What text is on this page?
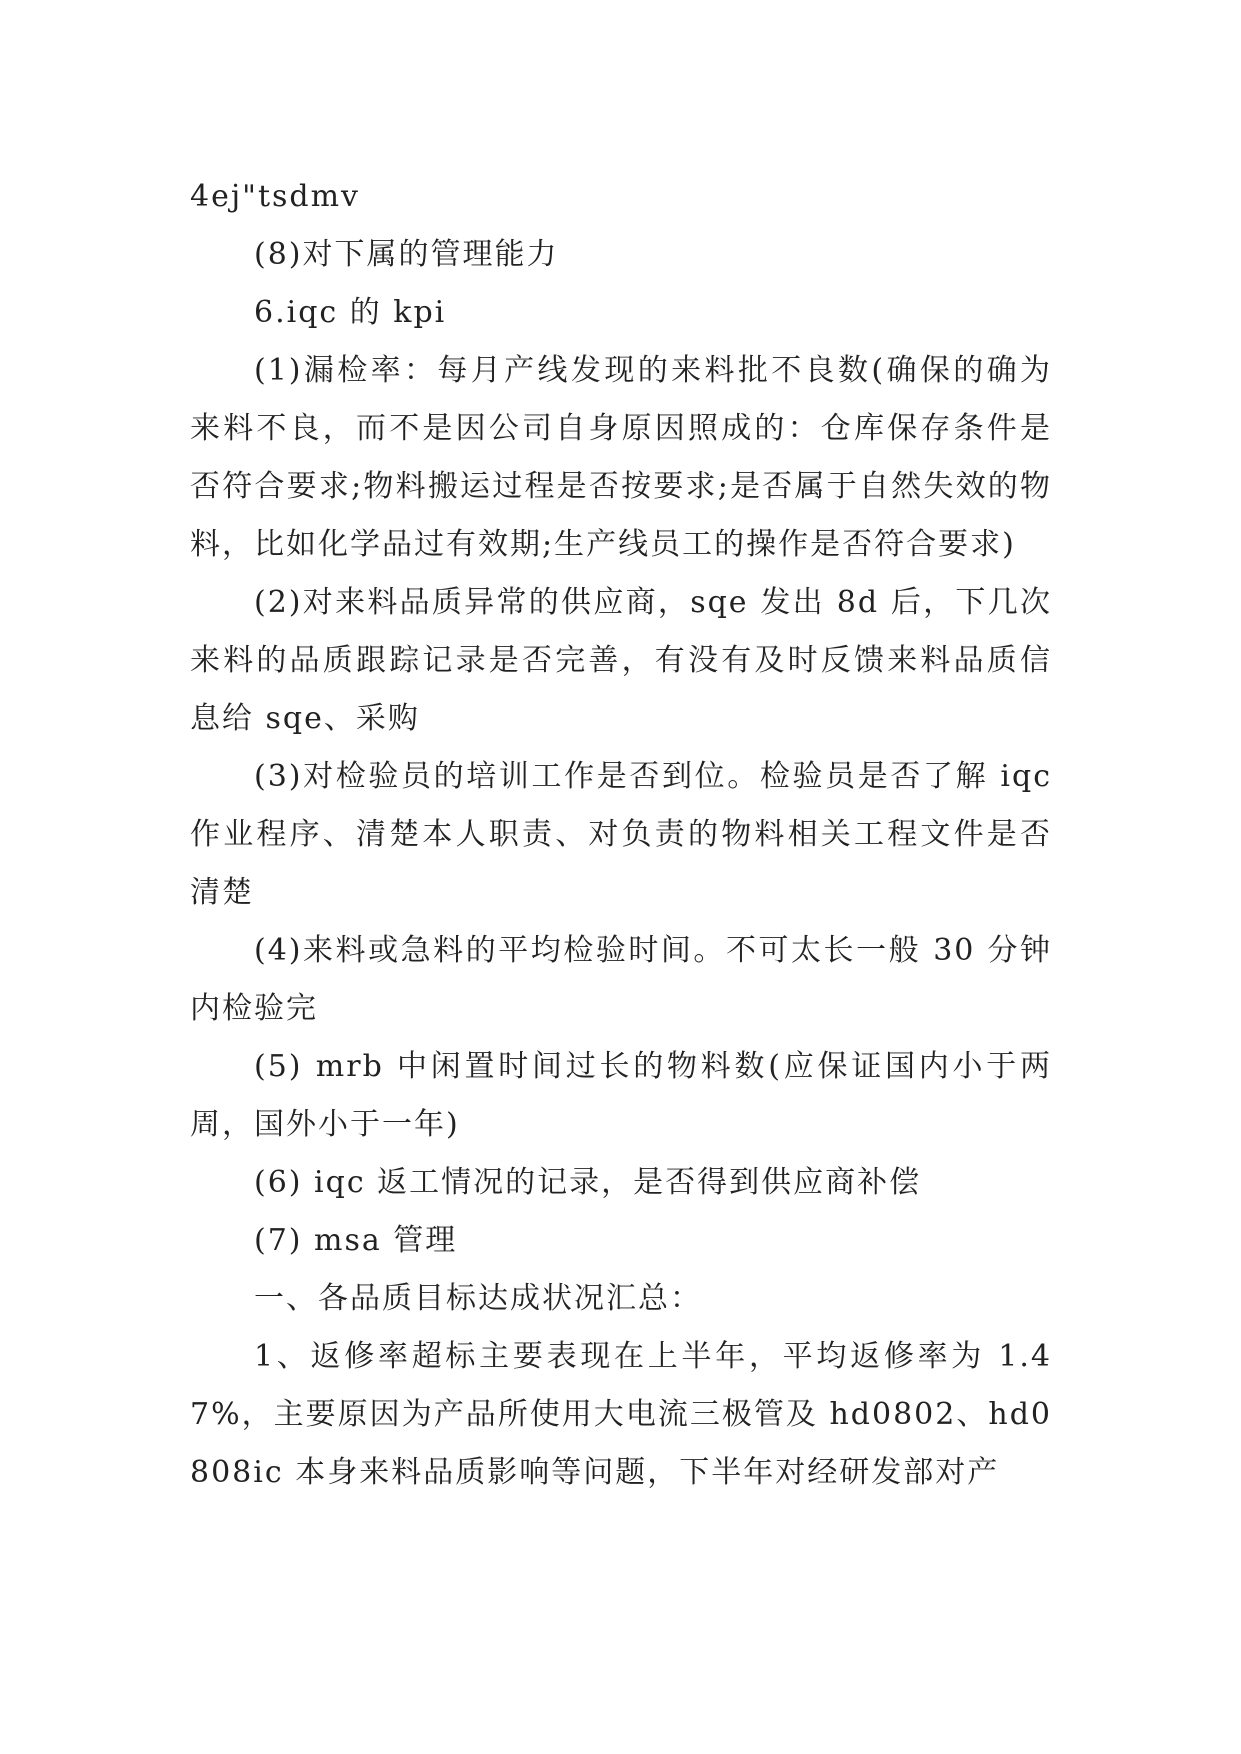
4ej"tsdmv

(8)对下属的管理能力

6.iqc 的 kpi

(1)漏检率：每月产线发现的来料批不良数(确保的确为来料不良，而不是因公司自身原因照成的：仓库保存条件是否符合要求;物料搬运过程是否按要求;是否属于自然失效的物料，比如化学品过有效期;生产线员工的操作是否符合要求)

(2)对来料品质异常的供应商，sqe 发出 8d 后，下几次来料的品质跟踪记录是否完善，有没有及时反馈来料品质信息给 sqe、采购

(3)对检验员的培训工作是否到位。检验员是否了解 iqc 作业程序、清楚本人职责、对负责的物料相关工程文件是否清楚

(4)来料或急料的平均检验时间。不可太长一般 30 分钟内检验完

(5) mrb 中闲置时间过长的物料数(应保证国内小于两周，国外小于一年)

(6) iqc 返工情况的记录，是否得到供应商补偿

(7) msa 管理

一、各品质目标达成状况汇总：

1、返修率超标主要表现在上半年，平均返修率为 1.47%，主要原因为产品所使用大电流三极管及 hd0802、hd0808ic 本身来料品质影响等问题，下半年对经研发部对产
